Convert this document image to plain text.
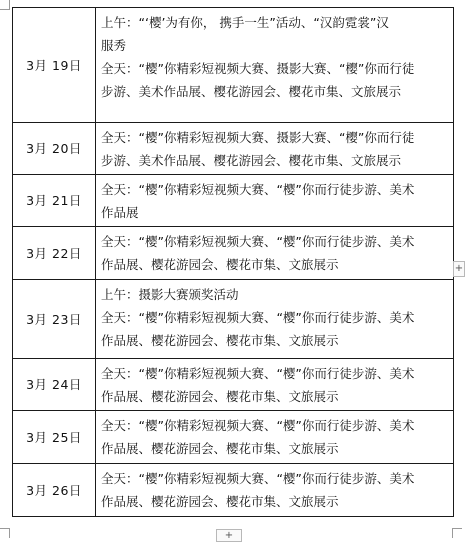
3月 19日	上午：“‘樱’为有你， 携手一生”活动、“汉韵霓裳”汉
服秀
全天：“樱”你精彩短视频大赛、摄影大赛、“樱”你而行徒
步游、美术作品展、樱花游园会、樱花市集、文旅展示

3月 20日	全天：“樱”你精彩短视频大赛、摄影大赛、“樱”你而行徒
步游、美术作品展、樱花游园会、樱花市集、文旅展示

3月 21日	全天：“樱”你精彩短视频大赛、“樱”你而行徒步游、美术
作品展

3月 22日	全天：“樱”你精彩短视频大赛、“樱”你而行徒步游、美术
作品展、樱花游园会、樱花市集、文旅展示

3月 23日	上午：摄影大赛颁奖活动
全天：“樱”你精彩短视频大赛、“樱”你而行徒步游、美术
作品展、樱花游园会、樱花市集、文旅展示

3月 24日	全天：“樱”你精彩短视频大赛、“樱”你而行徒步游、美术
作品展、樱花游园会、樱花市集、文旅展示

3月 25日	全天：“樱”你精彩短视频大赛、“樱”你而行徒步游、美术
作品展、樱花游园会、樱花市集、文旅展示

3月 26日	全天：“樱”你精彩短视频大赛、“樱”你而行徒步游、美术
作品展、樱花游园会、樱花市集、文旅展示
+
+
